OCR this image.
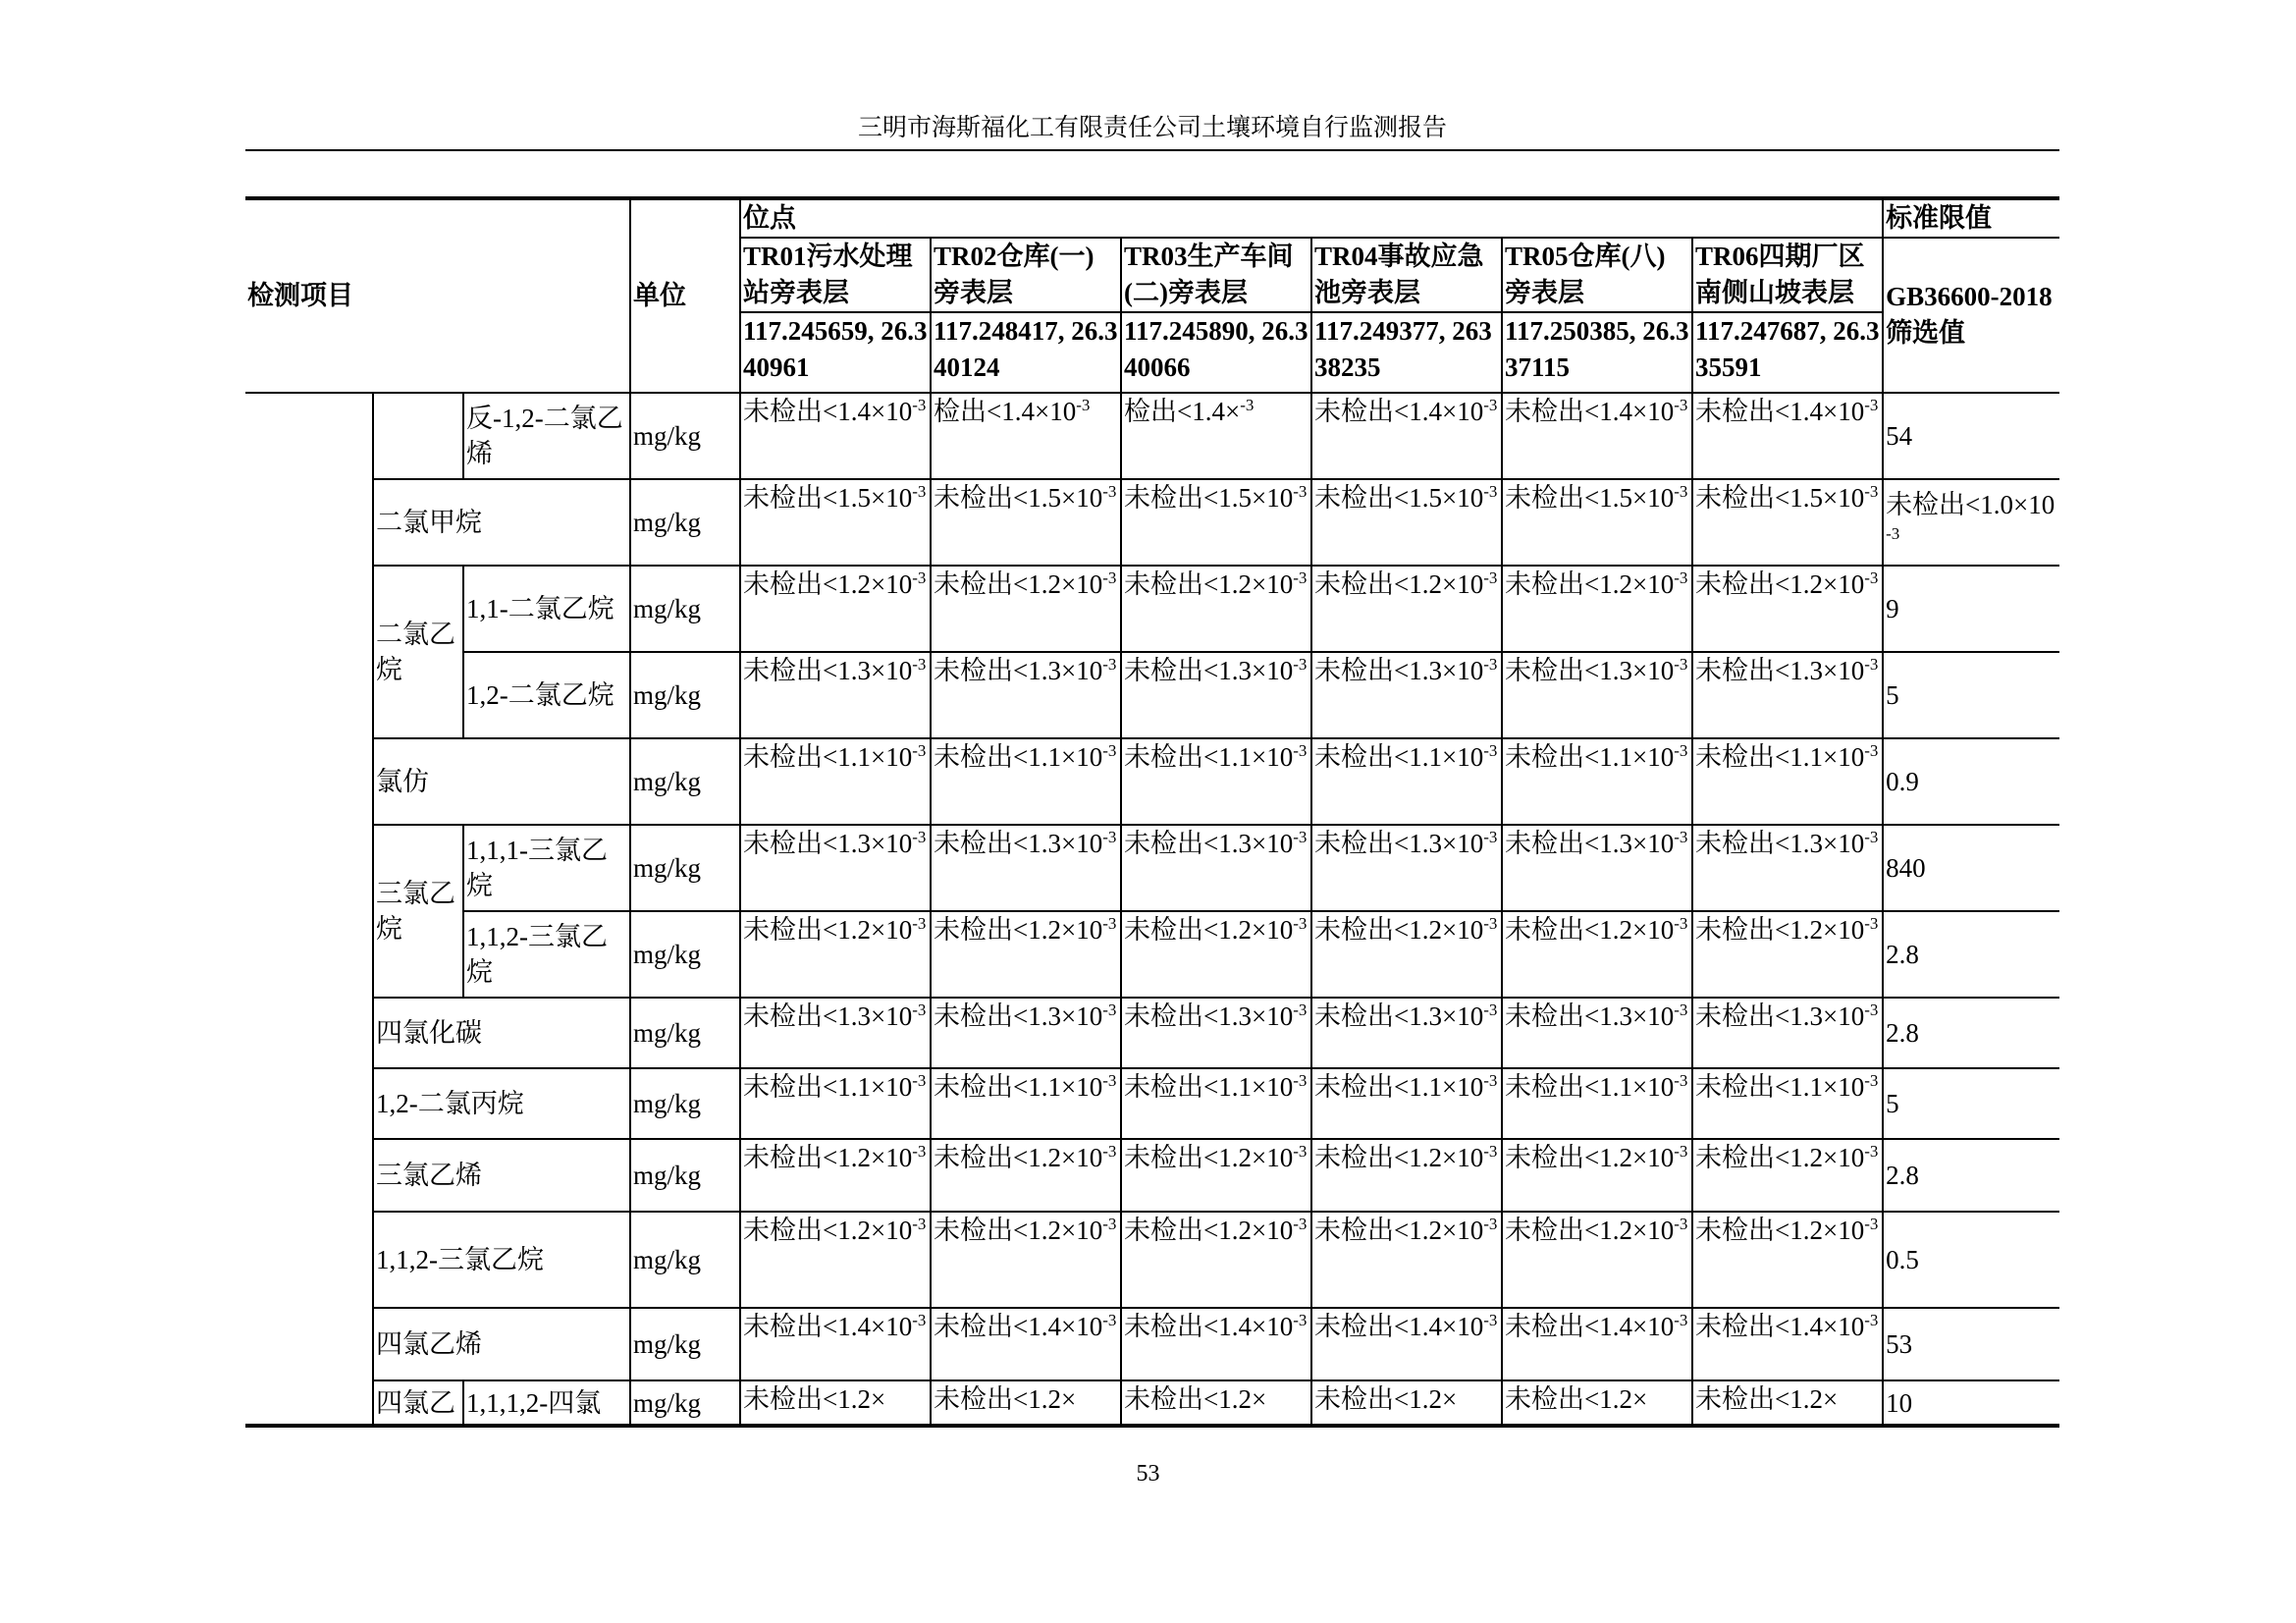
三明市海斯福化工有限责任公司土壤环境自行监测报告
检测项目			单位	位点						标准限值
				TR01污水处理站旁表层	TR02仓库(一)旁表层	TR03生产车间(二)旁表层	TR04事故应急池旁表层	TR05仓库(八)旁表层	TR06四期厂区南侧山坡表层	GB36600-2018筛选值
				117.245659, 26.340961	117.248417, 26.340124	117.245890, 26.340066	117.249377, 26338235	117.250385, 26.337115	117.247687, 26.335591	
		反-1,2-二氯乙烯	mg/kg	未检出$<1.4\times 10^{-3}$	检出$<1.4\times 10^{-3}$	检出<1.4×$^{-3}$	未检出$<1.4\times 10^{-3}$	未检出$<1.4\times 10^{-3}$	未检出$<1.4\times 10^{-3}$	54
	二氯甲烷		mg/kg	未检出$<1.5\times 10^{-3}$	未检出$<1.5\times 10^{-3}$	未检出$<1.5\times 10^{-3}$	未检出$<1.5\times 10^{-3}$	未检出$<1.5\times 10^{-3}$	未检出$<1.5\times 10^{-3}$	未检出$<1.0\times 10^{-3}$
	二氯乙烷	1,1-二氯乙烷	mg/kg	未检出$<1.2\times 10^{-3}$	未检出$<1.2\times 10^{-3}$	未检出$<1.2\times 10^{-3}$	未检出$<1.2\times 10^{-3}$	未检出$<1.2\times 10^{-3}$	未检出$<1.2\times 10^{-3}$	9
		1,2-二氯乙烷	mg/kg	未检出$<1.3\times 10^{-3}$	未检出$<1.3\times 10^{-3}$	未检出$<1.3\times 10^{-3}$	未检出$<1.3\times 10^{-3}$	未检出$<1.3\times 10^{-3}$	未检出$<1.3\times 10^{-3}$	5
	氯仿		mg/kg	未检出$<1.1\times 10^{-3}$	未检出$<1.1\times 10^{-3}$	未检出$<1.1\times 10^{-3}$	未检出$<1.1\times 10^{-3}$	未检出$<1.1\times 10^{-3}$	未检出$<1.1\times 10^{-3}$	0.9
	三氯乙烷	1,1,1-三氯乙烷	mg/kg	未检出$<1.3\times 10^{-3}$	未检出$<1.3\times 10^{-3}$	未检出$<1.3\times 10^{-3}$	未检出$<1.3\times 10^{-3}$	未检出$<1.3\times 10^{-3}$	未检出$<1.3\times 10^{-3}$	840
		1,1,2-三氯乙烷	mg/kg	未检出$<1.2\times 10^{-3}$	未检出$<1.2\times 10^{-3}$	未检出$<1.2\times 10^{-3}$	未检出$<1.2\times 10^{-3}$	未检出$<1.2\times 10^{-3}$	未检出$<1.2\times 10^{-3}$	2.8
	四氯化碳		mg/kg	未检出$<1.3\times 10^{-3}$	未检出$<1.3\times 10^{-3}$	未检出$<1.3\times 10^{-3}$	未检出$<1.3\times 10^{-3}$	未检出$<1.3\times 10^{-3}$	未检出$<1.3\times 10^{-3}$	2.8
	1,2-二氯丙烷		mg/kg	未检出$<1.1\times 10^{-3}$	未检出$<1.1\times 10^{-3}$	未检出$<1.1\times 10^{-3}$	未检出$<1.1\times 10^{-3}$	未检出$<1.1\times 10^{-3}$	未检出$<1.1\times 10^{-3}$	5
	三氯乙烯		mg/kg	未检出$<1.2\times 10^{-3}$	未检出$<1.2\times 10^{-3}$	未检出$<1.2\times 10^{-3}$	未检出$<1.2\times 10^{-3}$	未检出$<1.2\times 10^{-3}$	未检出$<1.2\times 10^{-3}$	2.8
	1,1,2-三氯乙烷		mg/kg	未检出$<1.2\times 10^{-3}$	未检出$<1.2\times 10^{-3}$	未检出$<1.2\times 10^{-3}$	未检出$<1.2\times 10^{-3}$	未检出$<1.2\times 10^{-3}$	未检出$<1.2\times 10^{-3}$	0.5
	四氯乙烯		mg/kg	未检出$<1.4\times 10^{-3}$	未检出$<1.4\times 10^{-3}$	未检出$<1.4\times 10^{-3}$	未检出$<1.4\times 10^{-3}$	未检出$<1.4\times 10^{-3}$	未检出$<1.4\times 10^{-3}$	53
	四氯乙	1,1,1,2-四氯	mg/kg	未检出<1.2×	未检出<1.2×	未检出<1.2×	未检出<1.2×	未检出<1.2×	未检出<1.2×	10
53
